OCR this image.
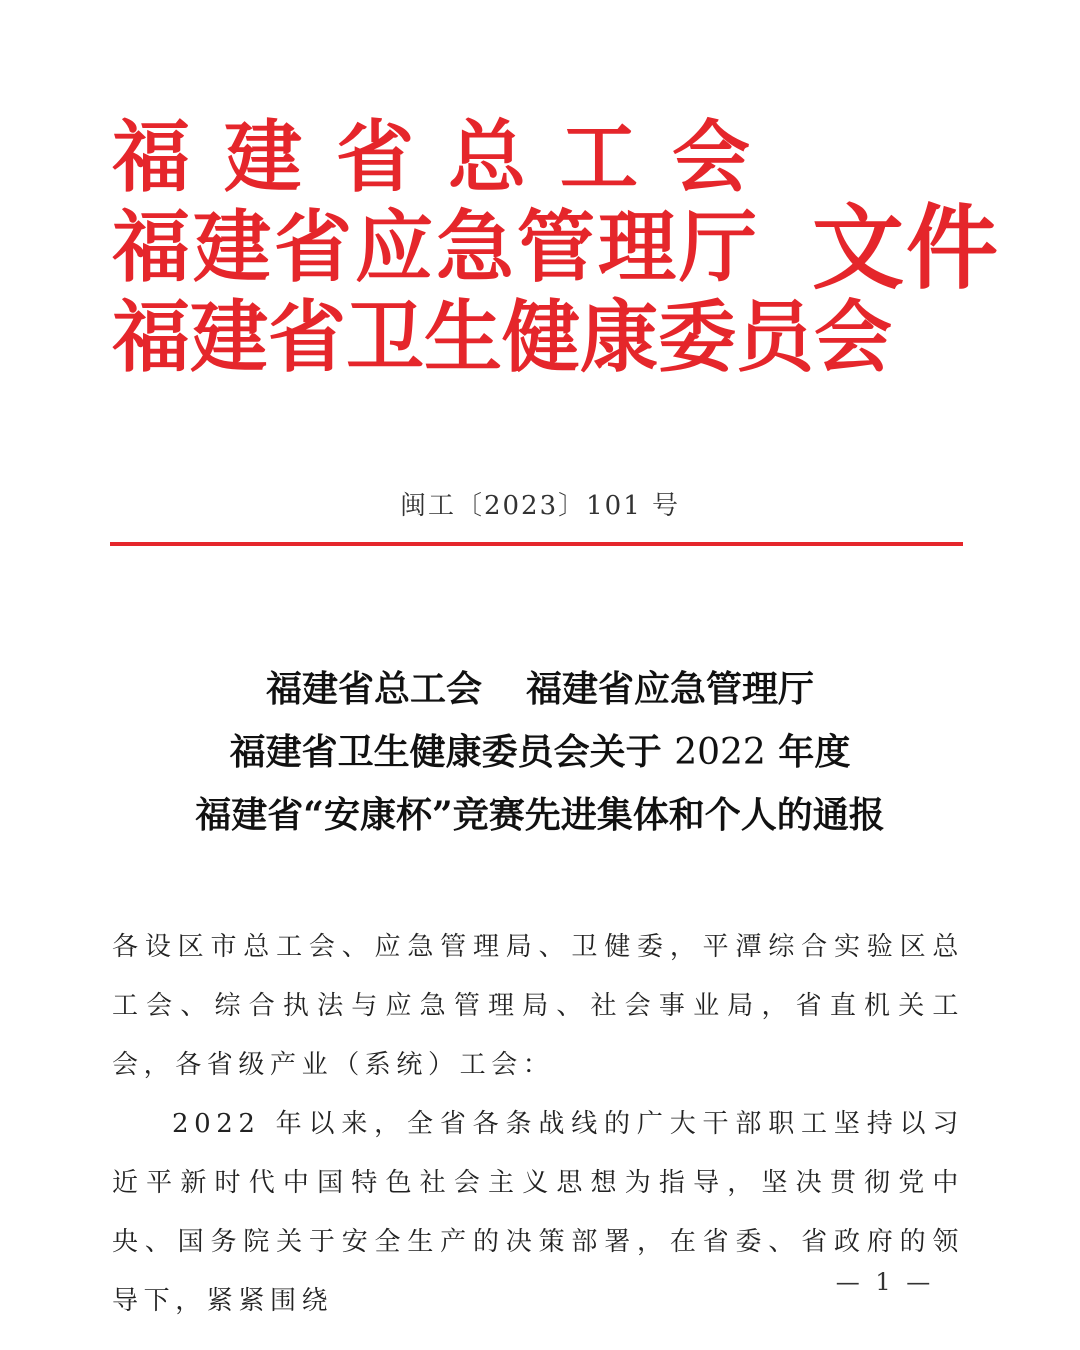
福建省总工会
福建省应急管理厅
福建省卫生健康委员会
文件
闽工〔2023〕101 号
福建省总工会 福建省应急管理厅
福建省卫生健康委员会关于 2022 年度
福建省“安康杯”竞赛先进集体和个人的通报

各设区市总工会、应急管理局、卫健委，平潭综合实验区总工会、综合执法与应急管理局、社会事业局，省直机关工会，各省级产业（系统）工会：

2022 年以来，全省各条战线的广大干部职工坚持以习近平新时代中国特色社会主义思想为指导，坚决贯彻党中央、国务院关于安全生产的决策部署，在省委、省政府的领导下，紧紧围绕

— 1 —
